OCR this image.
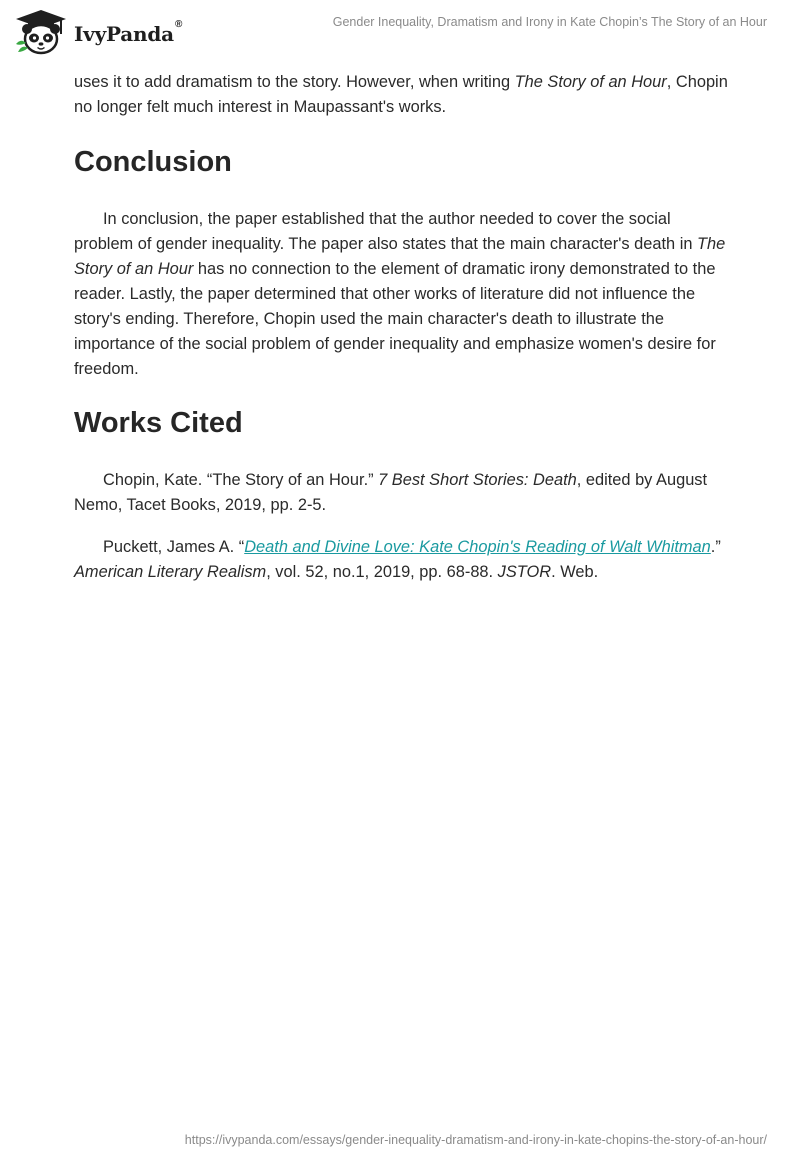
IvyPanda®	Gender Inequality, Dramatism and Irony in Kate Chopin’s The Story of an Hour

uses it to add dramatism to the story. However, when writing The Story of an Hour, Chopin no longer felt much interest in Maupassant's works.

Conclusion

In conclusion, the paper established that the author needed to cover the social problem of gender inequality. The paper also states that the main character's death in The Story of an Hour has no connection to the element of dramatic irony demonstrated to the reader. Lastly, the paper determined that other works of literature did not influence the story's ending. Therefore, Chopin used the main character's death to illustrate the importance of the social problem of gender inequality and emphasize women's desire for freedom.

Works Cited

Chopin, Kate. “The Story of an Hour.” 7 Best Short Stories: Death, edited by August Nemo, Tacet Books, 2019, pp. 2-5.

Puckett, James A. “Death and Divine Love: Kate Chopin's Reading of Walt Whitman.” American Literary Realism, vol. 52, no.1, 2019, pp. 68-88. JSTOR. Web.

https://ivypanda.com/essays/gender-inequality-dramatism-and-irony-in-kate-chopins-the-story-of-an-hour/
